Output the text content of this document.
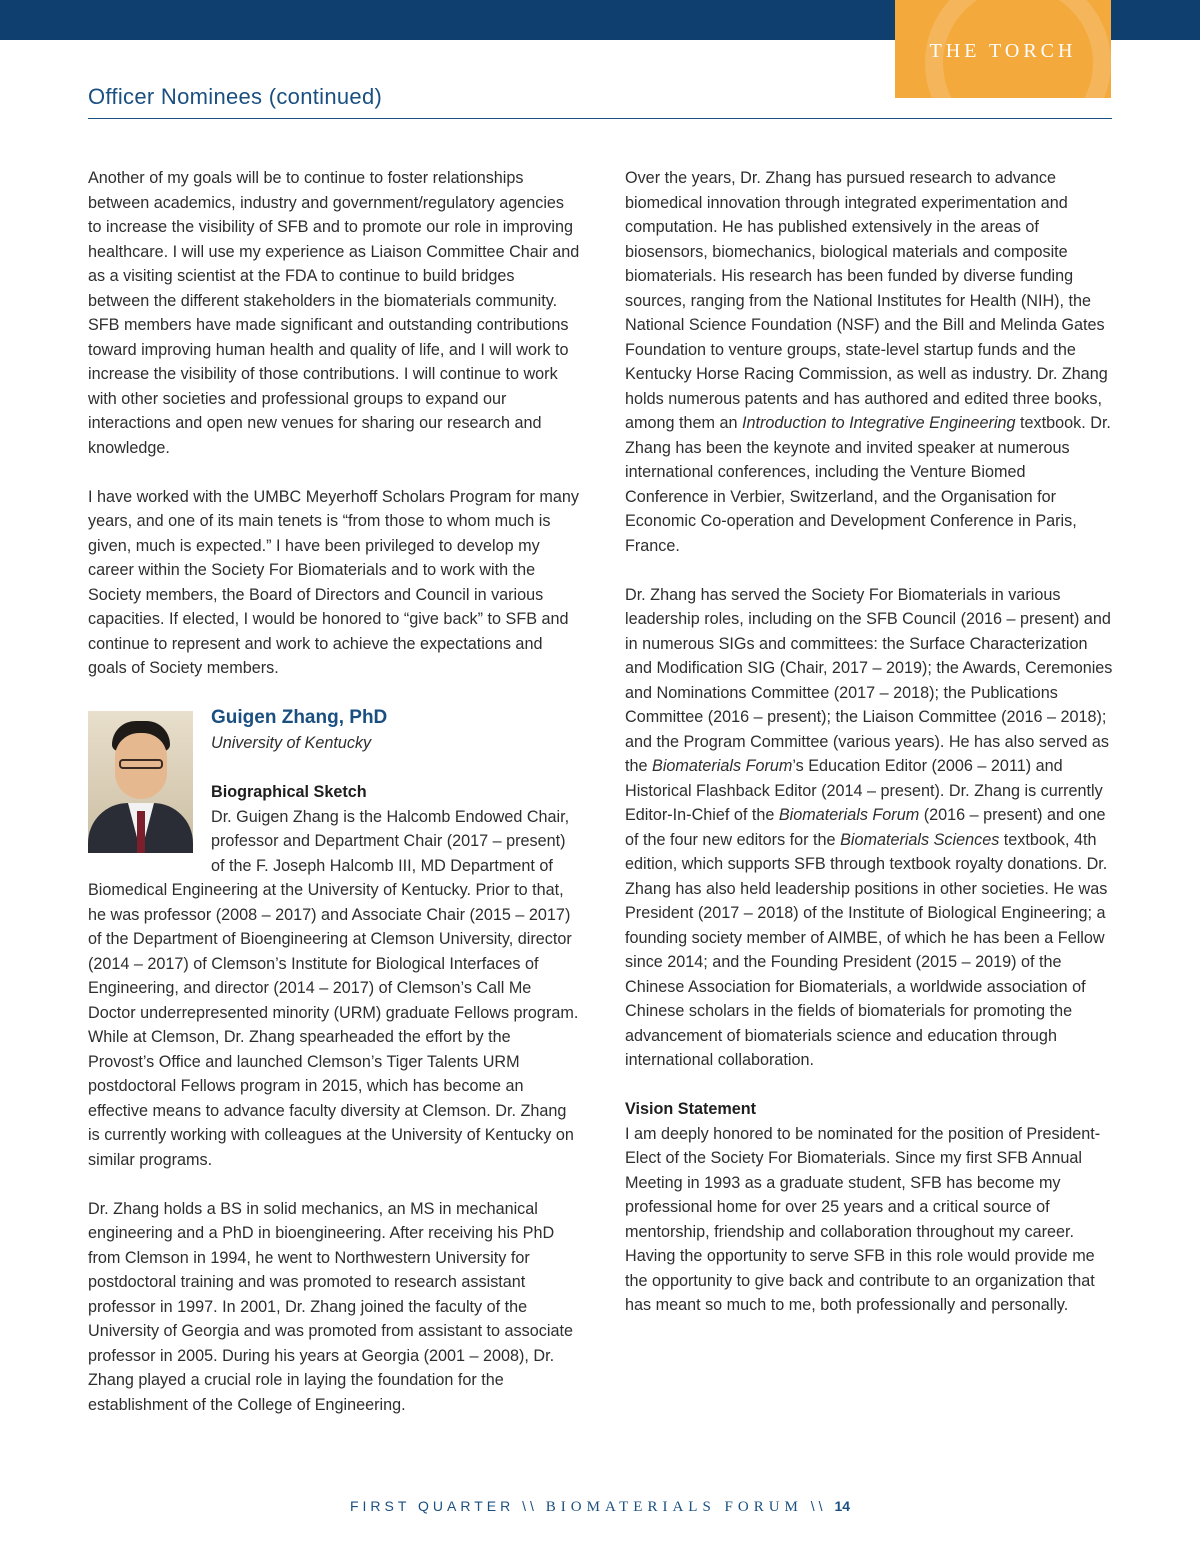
THE TORCH
Officer Nominees (continued)

Another of my goals will be to continue to foster relationships between academics, industry and government/regulatory agencies to increase the visibility of SFB and to promote our role in improving healthcare. I will use my experience as Liaison Committee Chair and as a visiting scientist at the FDA to continue to build bridges between the different stakeholders in the biomaterials community. SFB members have made significant and outstanding contributions toward improving human health and quality of life, and I will work to increase the visibility of those contributions. I will continue to work with other societies and professional groups to expand our interactions and open new venues for sharing our research and knowledge.

I have worked with the UMBC Meyerhoff Scholars Program for many years, and one of its main tenets is “from those to whom much is given, much is expected.” I have been privileged to develop my career within the Society For Biomaterials and to work with the Society members, the Board of Directors and Council in various capacities. If elected, I would be honored to “give back” to SFB and continue to represent and work to achieve the expectations and goals of Society members.

Guigen Zhang, PhD
University of Kentucky
Biographical Sketch

Dr. Guigen Zhang is the Halcomb Endowed Chair, professor and Department Chair (2017 – present) of the F. Joseph Halcomb III, MD Department of Biomedical Engineering at the University of Kentucky. Prior to that, he was professor (2008 – 2017) and Associate Chair (2015 – 2017) of the Department of Bioengineering at Clemson University, director (2014 – 2017) of Clemson’s Institute for Biological Interfaces of Engineering, and director (2014 – 2017) of Clemson’s Call Me Doctor underrepresented minority (URM) graduate Fellows program. While at Clemson, Dr. Zhang spearheaded the effort by the Provost’s Office and launched Clemson’s Tiger Talents URM postdoctoral Fellows program in 2015, which has become an effective means to advance faculty diversity at Clemson. Dr. Zhang is currently working with colleagues at the University of Kentucky on similar programs.

Dr. Zhang holds a BS in solid mechanics, an MS in mechanical engineering and a PhD in bioengineering. After receiving his PhD from Clemson in 1994, he went to Northwestern University for postdoctoral training and was promoted to research assistant professor in 1997. In 2001, Dr. Zhang joined the faculty of the University of Georgia and was promoted from assistant to associate professor in 2005. During his years at Georgia (2001 – 2008), Dr. Zhang played a crucial role in laying the foundation for the establishment of the College of Engineering.

Over the years, Dr. Zhang has pursued research to advance biomedical innovation through integrated experimentation and computation. He has published extensively in the areas of biosensors, biomechanics, biological materials and composite biomaterials. His research has been funded by diverse funding sources, ranging from the National Institutes for Health (NIH), the National Science Foundation (NSF) and the Bill and Melinda Gates Foundation to venture groups, state-level startup funds and the Kentucky Horse Racing Commission, as well as industry. Dr. Zhang holds numerous patents and has authored and edited three books, among them an Introduction to Integrative Engineering textbook. Dr. Zhang has been the keynote and invited speaker at numerous international conferences, including the Venture Biomed Conference in Verbier, Switzerland, and the Organisation for Economic Co-operation and Development Conference in Paris, France.

Dr. Zhang has served the Society For Biomaterials in various leadership roles, including on the SFB Council (2016 – present) and in numerous SIGs and committees: the Surface Characterization and Modification SIG (Chair, 2017 – 2019); the Awards, Ceremonies and Nominations Committee (2017 – 2018); the Publications Committee (2016 – present); the Liaison Committee (2016 – 2018); and the Program Committee (various years). He has also served as the Biomaterials Forum’s Education Editor (2006 – 2011) and Historical Flashback Editor (2014 – present). Dr. Zhang is currently Editor-In-Chief of the Biomaterials Forum (2016 – present) and one of the four new editors for the Biomaterials Sciences textbook, 4th edition, which supports SFB through textbook royalty donations. Dr. Zhang has also held leadership positions in other societies. He was President (2017 – 2018) of the Institute of Biological Engineering; a founding society member of AIMBE, of which he has been a Fellow since 2014; and the Founding President (2015 – 2019) of the Chinese Association for Biomaterials, a worldwide association of Chinese scholars in the fields of biomaterials for promoting the advancement of biomaterials science and education through international collaboration.

Vision Statement

I am deeply honored to be nominated for the position of President-Elect of the Society For Biomaterials. Since my first SFB Annual Meeting in 1993 as a graduate student, SFB has become my professional home for over 25 years and a critical source of mentorship, friendship and collaboration throughout my career. Having the opportunity to serve SFB in this role would provide me the opportunity to give back and contribute to an organization that has meant so much to me, both professionally and personally.

FIRST QUARTER \\ BIOMATERIALS FORUM \\ 14
